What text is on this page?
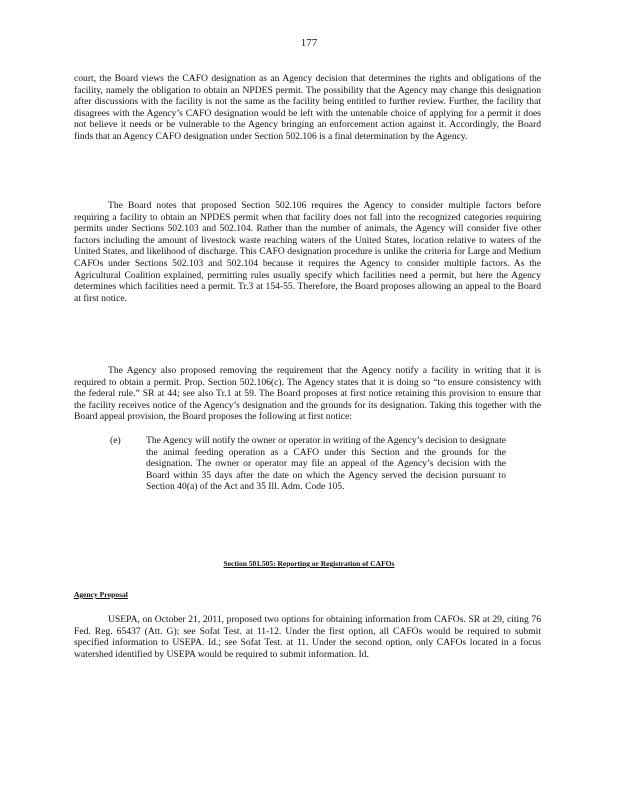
177

court, the Board views the CAFO designation as an Agency decision that determines the rights and obligations of the facility, namely the obligation to obtain an NPDES permit. The possibility that the Agency may change this designation after discussions with the facility is not the same as the facility being entitled to further review. Further, the facility that disagrees with the Agency’s CAFO designation would be left with the untenable choice of applying for a permit it does not believe it needs or be vulnerable to the Agency bringing an enforcement action against it. Accordingly, the Board finds that an Agency CAFO designation under Section 502.106 is a final determination by the Agency.

The Board notes that proposed Section 502.106 requires the Agency to consider multiple factors before requiring a facility to obtain an NPDES permit when that facility does not fall into the recognized categories requiring permits under Sections 502.103 and 502.104. Rather than the number of animals, the Agency will consider five other factors including the amount of livestock waste reaching waters of the United States, location relative to waters of the United States, and likelihood of discharge. This CAFO designation procedure is unlike the criteria for Large and Medium CAFOs under Sections 502.103 and 502.104 because it requires the Agency to consider multiple factors. As the Agricultural Coalition explained, permitting rules usually specify which facilities need a permit, but here the Agency determines which facilities need a permit. Tr.3 at 154-55. Therefore, the Board proposes allowing an appeal to the Board at first notice.

The Agency also proposed removing the requirement that the Agency notify a facility in writing that it is required to obtain a permit. Prop. Section 502.106(c). The Agency states that it is doing so “to ensure consistency with the federal rule.” SR at 44; see also Tr.1 at 59. The Board proposes at first notice retaining this provision to ensure that the facility receives notice of the Agency’s designation and the grounds for its designation. Taking this together with the Board appeal provision, the Board proposes the following at first notice:

(e)	The Agency will notify the owner or operator in writing of the Agency’s decision to designate the animal feeding operation as a CAFO under this Section and the grounds for the designation. The owner or operator may file an appeal of the Agency’s decision with the Board within 35 days after the date on which the Agency served the decision pursuant to Section 40(a) of the Act and 35 Ill. Adm. Code 105.
Section 501.505: Reporting or Registration of CAFOs
Agency Proposal

USEPA, on October 21, 2011, proposed two options for obtaining information from CAFOs. SR at 29, citing 76 Fed. Reg. 65437 (Att. G); see Sofat Test. at 11-12. Under the first option, all CAFOs would be required to submit specified information to USEPA. Id.; see Sofat Test. at 11. Under the second option, only CAFOs located in a focus watershed identified by USEPA would be required to submit information. Id.
